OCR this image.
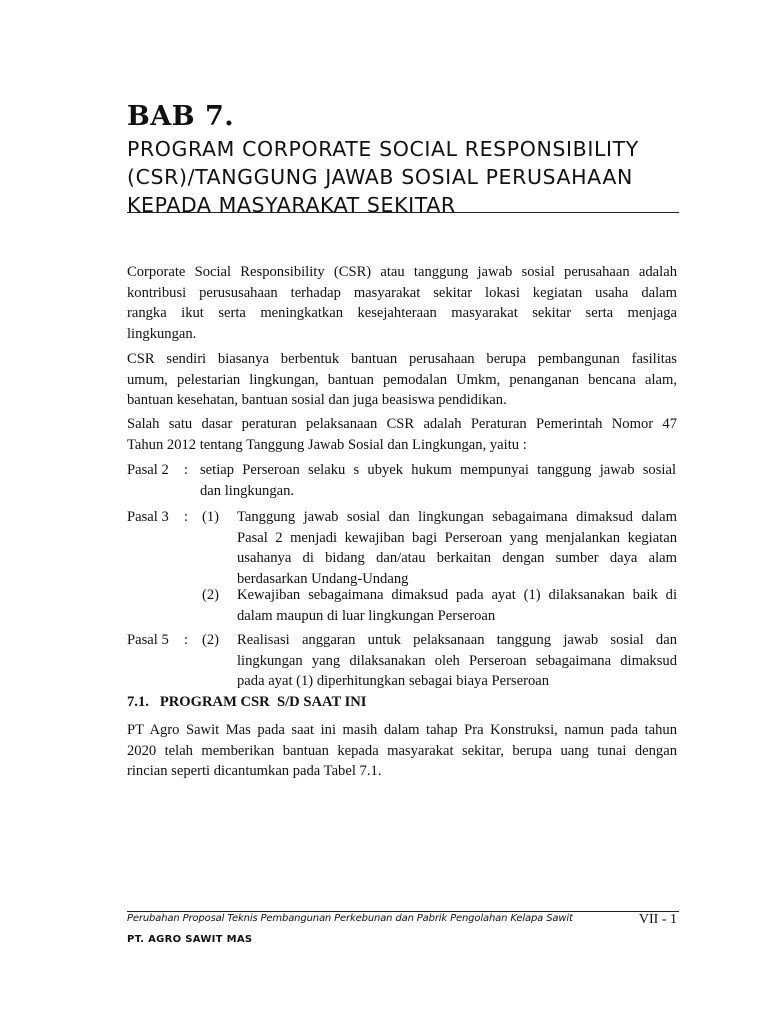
BAB 7.
PROGRAM CORPORATE SOCIAL RESPONSIBILITY
(CSR)/TANGGUNG JAWAB SOSIAL PERUSAHAAN
KEPADA MASYARAKAT SEKITAR
Corporate Social Responsibility (CSR) atau tanggung jawab sosial perusahaan adalah
kontribusi perususahaan terhadap masyarakat sekitar lokasi kegiatan usaha dalam
rangka ikut serta meningkatkan kesejahteraan masyarakat sekitar serta menjaga
lingkungan.
CSR sendiri biasanya berbentuk bantuan perusahaan berupa pembangunan fasilitas
umum, pelestarian lingkungan, bantuan pemodalan Umkm, penanganan bencana alam,
bantuan kesehatan, bantuan sosial dan juga beasiswa pendidikan.
Salah satu dasar peraturan pelaksanaan CSR adalah Peraturan Pemerintah Nomor 47
Tahun 2012 tentang Tanggung Jawab Sosial dan Lingkungan, yaitu :
Pasal 2 : setiap Perseroan selaku s ubyek hukum mempunyai tanggung jawab sosial
dan lingkungan.
Pasal 3 : (1) Tanggung jawab sosial dan lingkungan sebagaimana dimaksud dalam
Pasal 2 menjadi kewajiban bagi Perseroan yang menjalankan kegiatan
usahanya di bidang dan/atau berkaitan dengan sumber daya alam
berdasarkan Undang-Undang
(2) Kewajiban sebagaimana dimaksud pada ayat (1) dilaksanakan baik di
dalam maupun di luar lingkungan Perseroan
Pasal 5 : (2) Realisasi anggaran untuk pelaksanaan tanggung jawab sosial dan
lingkungan yang dilaksanakan oleh Perseroan sebagaimana dimaksud
pada ayat (1) diperhitungkan sebagai biaya Perseroan
7.1.   PROGRAM CSR  S/D SAAT INI
PT Agro Sawit Mas pada saat ini masih dalam tahap Pra Konstruksi, namun pada tahun
2020 telah memberikan bantuan kepada masyarakat sekitar, berupa uang tunai dengan
rincian seperti dicantumkan pada Tabel 7.1.
Perubahan Proposal Teknis Pembangunan Perkebunan dan Pabrik Pengolahan Kelapa Sawit	VII - 1
PT. AGRO SAWIT MAS
